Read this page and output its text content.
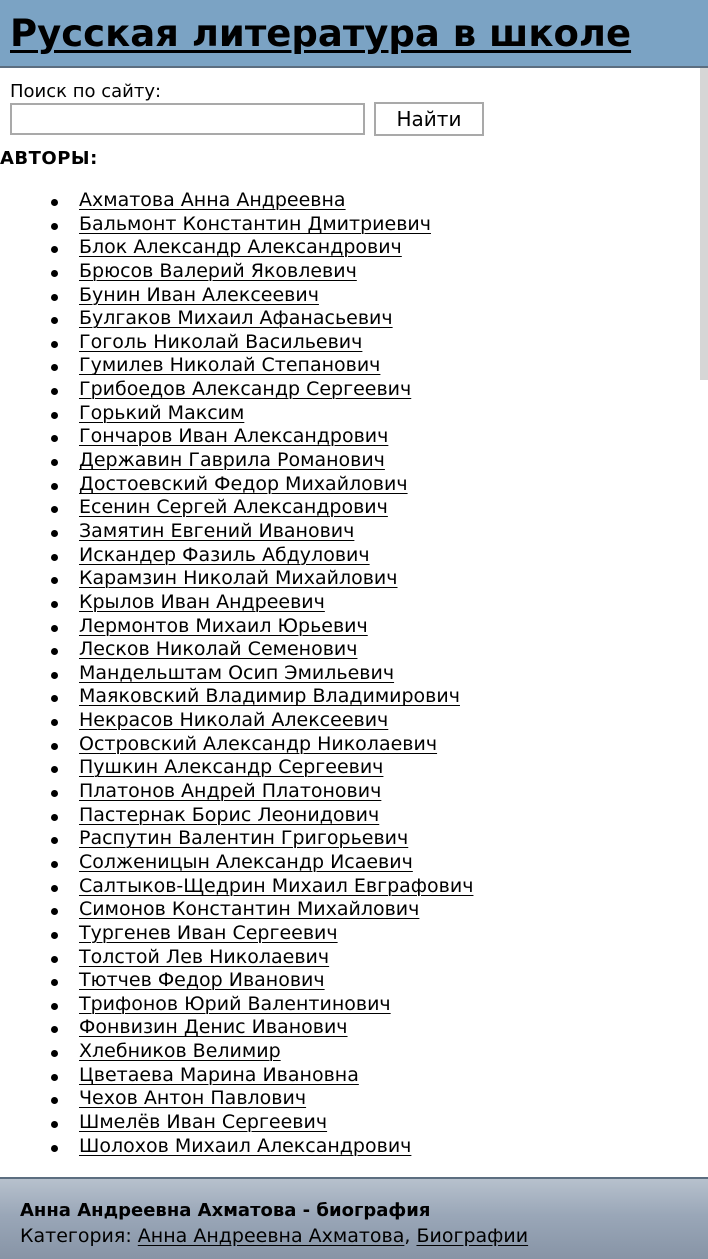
Русская литература в школе
Поиск по сайту:
Найти
АВТОРЫ:
Ахматова Анна Андреевна
Бальмонт Константин Дмитриевич
Блок Александр Александрович
Брюсов Валерий Яковлевич
Бунин Иван Алексеевич
Булгаков Михаил Афанасьевич
Гоголь Николай Васильевич
Гумилев Николай Степанович
Грибоедов Александр Сергеевич
Горький Максим
Гончаров Иван Александрович
Державин Гаврила Романович
Достоевский Федор Михайлович
Есенин Сергей Александрович
Замятин Евгений Иванович
Искандер Фазиль Абдулович
Карамзин Николай Михайлович
Крылов Иван Андреевич
Лермонтов Михаил Юрьевич
Лесков Николай Семенович
Мандельштам Осип Эмильевич
Маяковский Владимир Владимирович
Некрасов Николай Алексеевич
Островский Александр Николаевич
Пушкин Александр Сергеевич
Платонов Андрей Платонович
Пастернак Борис Леонидович
Распутин Валентин Григорьевич
Солженицын Александр Исаевич
Салтыков-Щедрин Михаил Евграфович
Симонов Константин Михайлович
Тургенев Иван Сергеевич
Толстой Лев Николаевич
Тютчев Федор Иванович
Трифонов Юрий Валентинович
Фонвизин Денис Иванович
Хлебников Велимир
Цветаева Марина Ивановна
Чехов Антон Павлович
Шмелёв Иван Сергеевич
Шолохов Михаил Александрович
Анна Андреевна Ахматова - биография
Категория: Анна Андреевна Ахматова, Биографии
